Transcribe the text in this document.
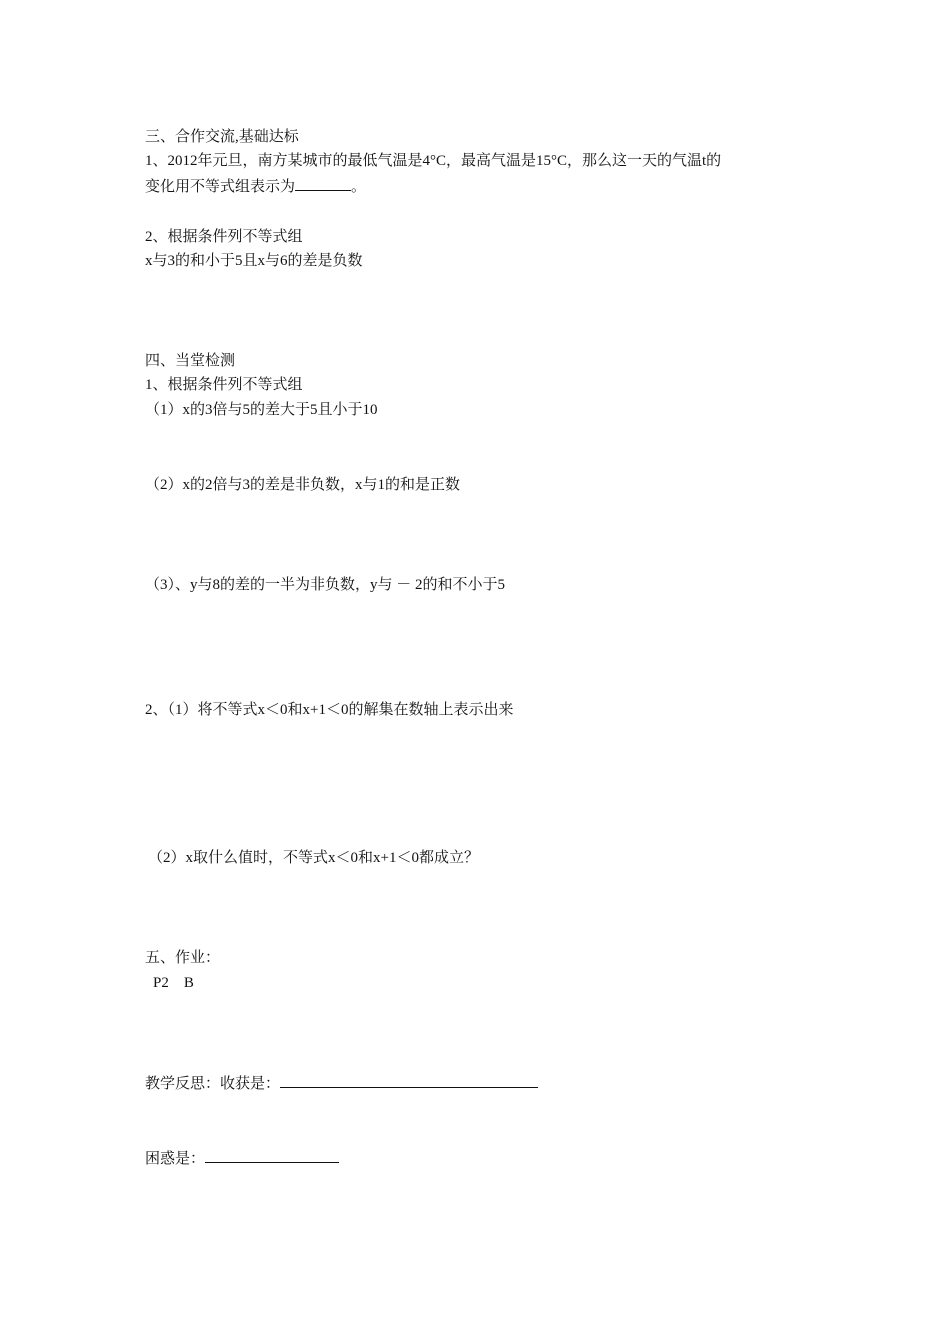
三、合作交流,基础达标
1、2012年元旦，南方某城市的最低气温是4°C，最高气温是15°C，那么这一天的气温t的
变化用不等式组表示为	。
2、根据条件列不等式组
x与3的和小于5且x与6的差是负数
四、当堂检测
1、根据条件列不等式组
（1）x的3倍与5的差大于5且小于10
（2）x的2倍与3的差是非负数，x与1的和是正数
（3）、y与8的差的一半为非负数，y与 － 2的和不小于5
2、（1）将不等式x＜0和x+1＜0的解集在数轴上表示出来
（2）x取什么值时，不等式x＜0和x+1＜0都成立？
五、作业：
P2    B
教学反思：收获是：
困惑是：
